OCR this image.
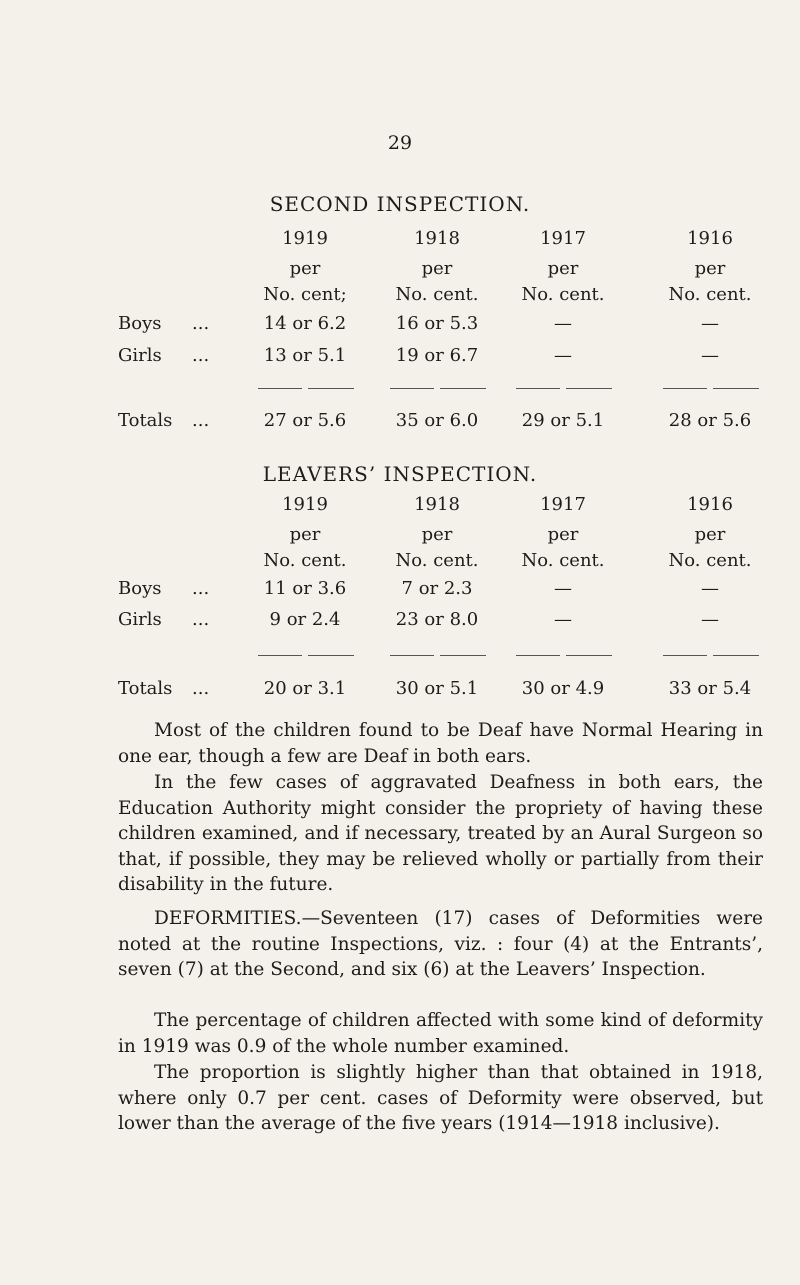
29
SECOND INSPECTION.
1919	1918	1917	1916
per	per	per	per
No. cent;	No. cent.	No. cent.	No. cent.
Boys ...	14 or 6.2	16 or 5.3	—	—
Girls ...	13 or 5.1	19 or 6.7	—	—
Totals ...	27 or 5.6	35 or 6.0	29 or 5.1	28 or 5.6
LEAVERS’ INSPECTION.
1919	1918	1917	1916
per	per	per	per
No. cent.	No. cent.	No. cent.	No. cent.
Boys ...	11 or 3.6	7 or 2.3	—	—
Girls ...	9 or 2.4	23 or 8.0	—	—
Totals ...	20 or 3.1	30 or 5.1	30 or 4.9	33 or 5.4

Most of the children found to be Deaf have Normal Hearing in one ear, though a few are Deaf in both ears.

In the few cases of aggravated Deafness in both ears, the Education Authority might consider the propriety of having these children examined, and if necessary, treated by an Aural Surgeon so that, if possible, they may be relieved wholly or partially from their disability in the future.

DEFORMITIES.—Seventeen (17) cases of Deformities were noted at the routine Inspections, viz. : four (4) at the Entrants’, seven (7) at the Second, and six (6) at the Leavers’ Inspection.

The percentage of children affected with some kind of deformity in 1919 was 0.9 of the whole number examined.

The proportion is slightly higher than that obtained in 1918, where only 0.7 per cent. cases of Deformity were observed, but lower than the average of the five years (1914—1918 inclusive).
